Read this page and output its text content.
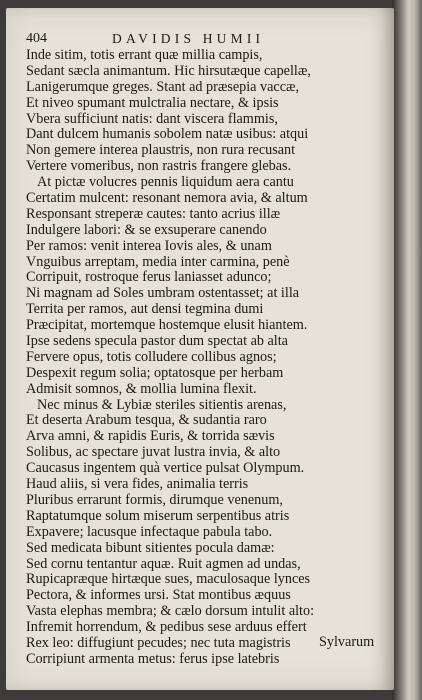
404	DAVIDIS HUMII
Inde sitim, totis errant quæ millia campis,
Sedant sæcla animantum. Hic hirsutæque capellæ,
Lanigerumque greges. Stant ad præsepia vaccæ,
Et niveo spumant mulctralia nectare, & ipsis
Vbera sufficiunt natis: dant viscera flammis,
Dant dulcem humanis sobolem natæ usibus: atqui
Non gemere interea plaustris, non rura recusant
Vertere vomeribus, non rastris frangere glebas.
At pictæ volucres pennis liquidum aera cantu
Certatim mulcent: resonant nemora avia, & altum
Responsant streperæ cautes: tanto acrius illæ
Indulgere labori: & se exsuperare canendo
Per ramos: venit interea Iovis ales, & unam
Vnguibus arreptam, media inter carmina, penè
Corripuit, rostroque ferus laniasset adunco;
Ni magnam ad Soles umbram ostentasset; at illa
Territa per ramos, aut densi tegmina dumi
Præcipitat, mortemque hostemque elusit hiantem.
Ipse sedens specula pastor dum spectat ab alta
Fervere opus, totis colludere collibus agnos;
Despexit regum solia; optatosque per herbam
Admisit somnos, & mollia lumina flexit.
Nec minus & Lybiæ steriles sitientis arenas,
Et deserta Arabum tesqua, & sudantia raro
Arva amni, & rapidis Euris, & torrida sævis
Solibus, ac spectare juvat lustra invia, & alto
Caucasus ingentem quà vertice pulsat Olympum.
Haud aliis, si vera fides, animalia terris
Pluribus errarunt formis, dirumque venenum,
Raptatumque solum miserum serpentibus atris
Expavere; lacusque infectaque pabula tabo.
Sed medicata bibunt sitientes pocula damæ:
Sed cornu tentantur aquæ. Ruit agmen ad undas,
Rupicapræque hirtæque sues, maculosaque lynces
Pectora, & informes ursi. Stat montibus æquus
Vasta elephas membra; & cælo dorsum intulit alto:
Infremit horrendum, & pedibus sese arduus effert
Rex leo: diffugiunt pecudes; nec tuta magistris
Corripiunt armenta metus: ferus ipse latebris
Sylvarum
